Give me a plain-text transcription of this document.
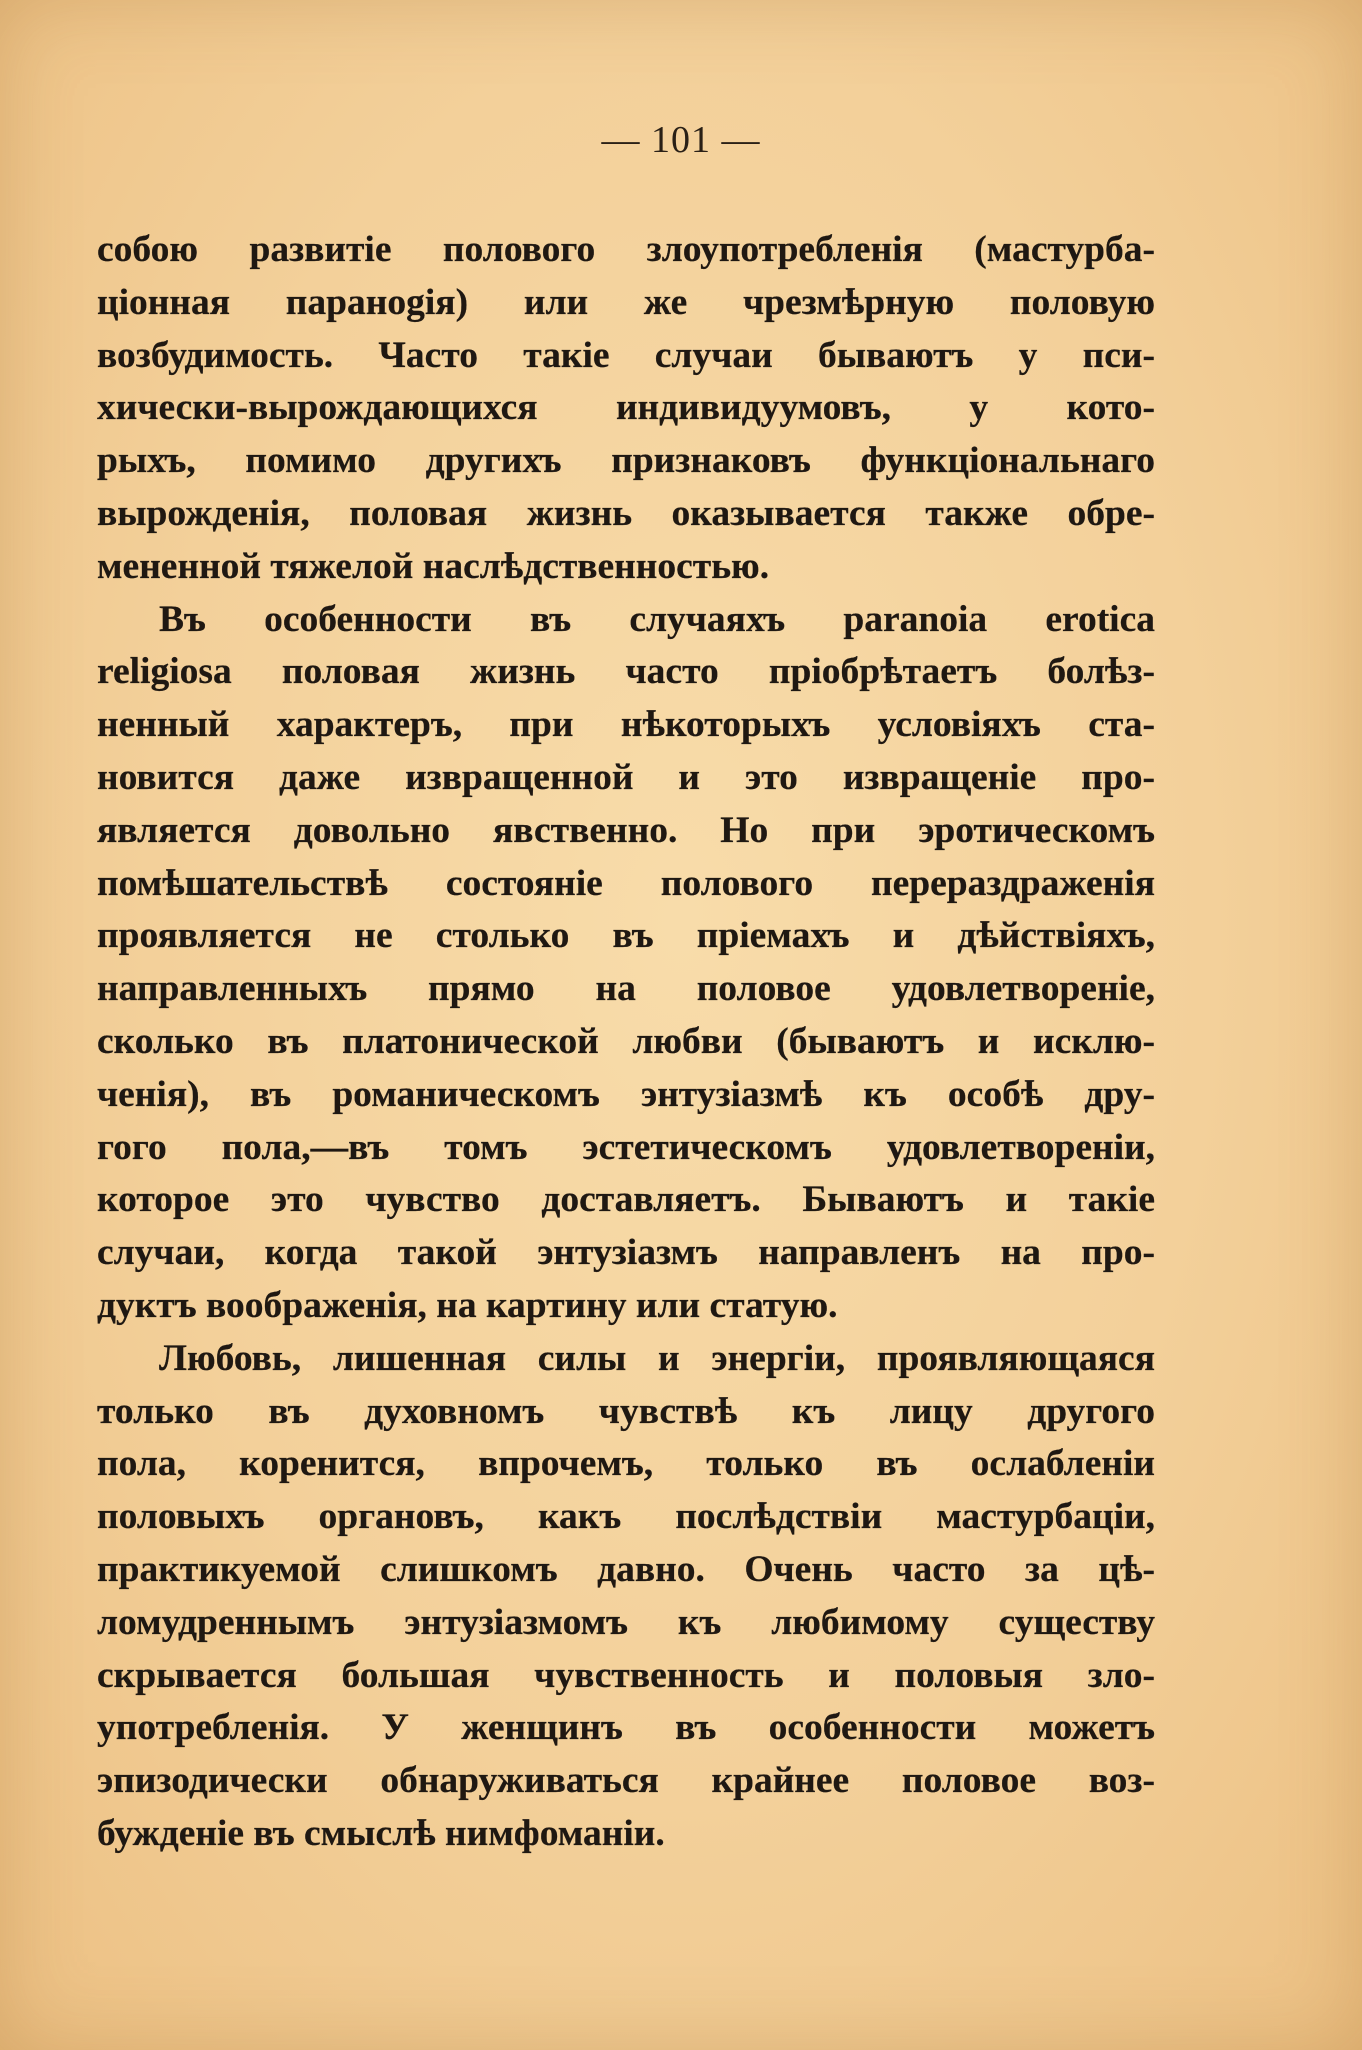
— 101 —
собою развитіе полового злоупотребленія (мастурба-
ціонная паранogія) или же чрезмѣрную половую
возбудимость. Часто такіе случаи бываютъ у пси-
хически-вырождающихся индивидуумовъ, у кото-
рыхъ, помимо другихъ признаковъ функціональнаго
вырожденія, половая жизнь оказывается также обре-
мененной тяжелой наслѣдственностью.
Въ особенности въ случаяхъ paranoia erotica
religiosa половая жизнь часто пріобрѣтаетъ болѣз-
ненный характеръ, при нѣкоторыхъ условіяхъ ста-
новится даже извращенной и это извращеніе про-
является довольно явственно. Но при эротическомъ
помѣшательствѣ состояніе полового перераздраженія
проявляется не столько въ пріемахъ и дѣйствіяхъ,
направленныхъ прямо на половое удовлетвореніе,
сколько въ платонической любви (бываютъ и исклю-
ченія), въ романическомъ энтузіазмѣ къ особѣ дру-
гого пола,—въ томъ эстетическомъ удовлетвореніи,
которое это чувство доставляетъ. Бываютъ и такіе
случаи, когда такой энтузіазмъ направленъ на про-
дуктъ воображенія, на картину или статую.
Любовь, лишенная силы и энергіи, проявляющаяся
только въ духовномъ чувствѣ къ лицу другого
пола, коренится, впрочемъ, только въ ослабленіи
половыхъ органовъ, какъ послѣдствіи мастурбаціи,
практикуемой слишкомъ давно. Очень часто за цѣ-
ломудреннымъ энтузіазмомъ къ любимому существу
скрывается большая чувственность и половыя зло-
употребленія. У женщинъ въ особенности можетъ
эпизодически обнаруживаться крайнее половое воз-
бужденіе въ смыслѣ нимфоманіи.
